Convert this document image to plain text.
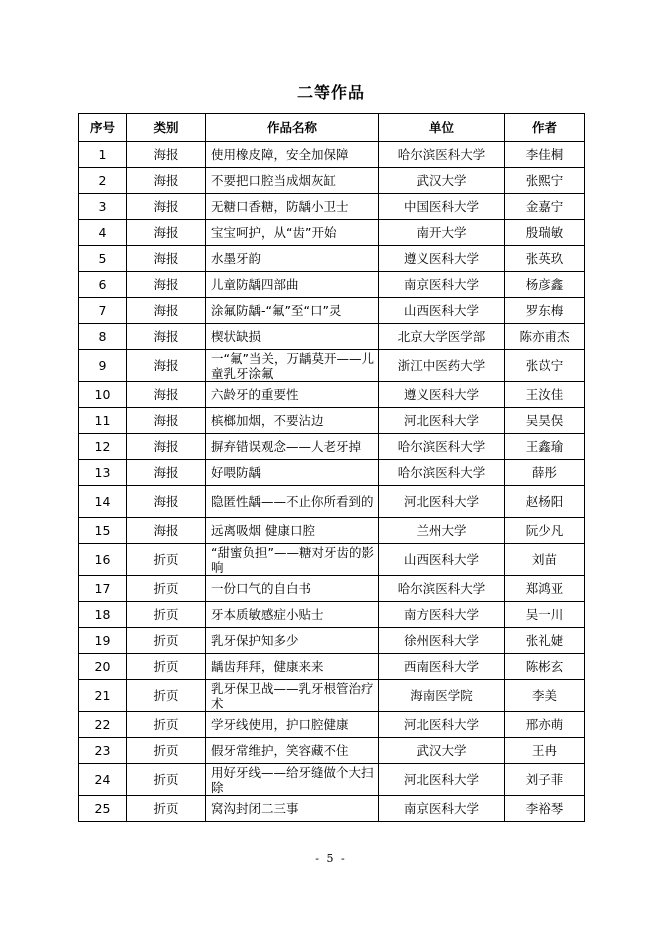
二等作品
序号	类别	作品名称	单位	作者
1	海报	使用橡皮障，安全加保障	哈尔滨医科大学	李佳桐
2	海报	不要把口腔当成烟灰缸	武汉大学	张熙宁
3	海报	无糖口香糖，防龋小卫士	中国医科大学	金嘉宁
4	海报	宝宝呵护，从“齿”开始	南开大学	殷瑞敏
5	海报	水墨牙韵	遵义医科大学	张英玖
6	海报	儿童防龋四部曲	南京医科大学	杨彦鑫
7	海报	涂氟防龋-“氟”至“口”灵	山西医科大学	罗东梅
8	海报	楔状缺损	北京大学医学部	陈亦甫杰
9	海报	一“氟”当关，万龋莫开——儿童乳牙涂氟	浙江中医药大学	张苡宁
10	海报	六龄牙的重要性	遵义医科大学	王汝佳
11	海报	槟榔加烟，不要沾边	河北医科大学	吴昊俣
12	海报	摒弃错误观念——人老牙掉	哈尔滨医科大学	王鑫瑜
13	海报	好喂防龋	哈尔滨医科大学	薛彤
14	海报	隐匿性龋——不止你所看到的	河北医科大学	赵杨阳
15	海报	远离吸烟 健康口腔	兰州大学	阮少凡
16	折页	“甜蜜负担”——糖对牙齿的影响	山西医科大学	刘苗
17	折页	一份口气的自白书	哈尔滨医科大学	郑鸿亚
18	折页	牙本质敏感症小贴士	南方医科大学	吴一川
19	折页	乳牙保护知多少	徐州医科大学	张礼婕
20	折页	龋齿拜拜，健康来来	西南医科大学	陈彬玄
21	折页	乳牙保卫战——乳牙根管治疗术	海南医学院	李美
22	折页	学牙线使用，护口腔健康	河北医科大学	邢亦萌
23	折页	假牙常维护，笑容藏不住	武汉大学	王冉
24	折页	用好牙线——给牙缝做个大扫除	河北医科大学	刘子菲
25	折页	窝沟封闭二三事	南京医科大学	李裕琴
- 5 -
